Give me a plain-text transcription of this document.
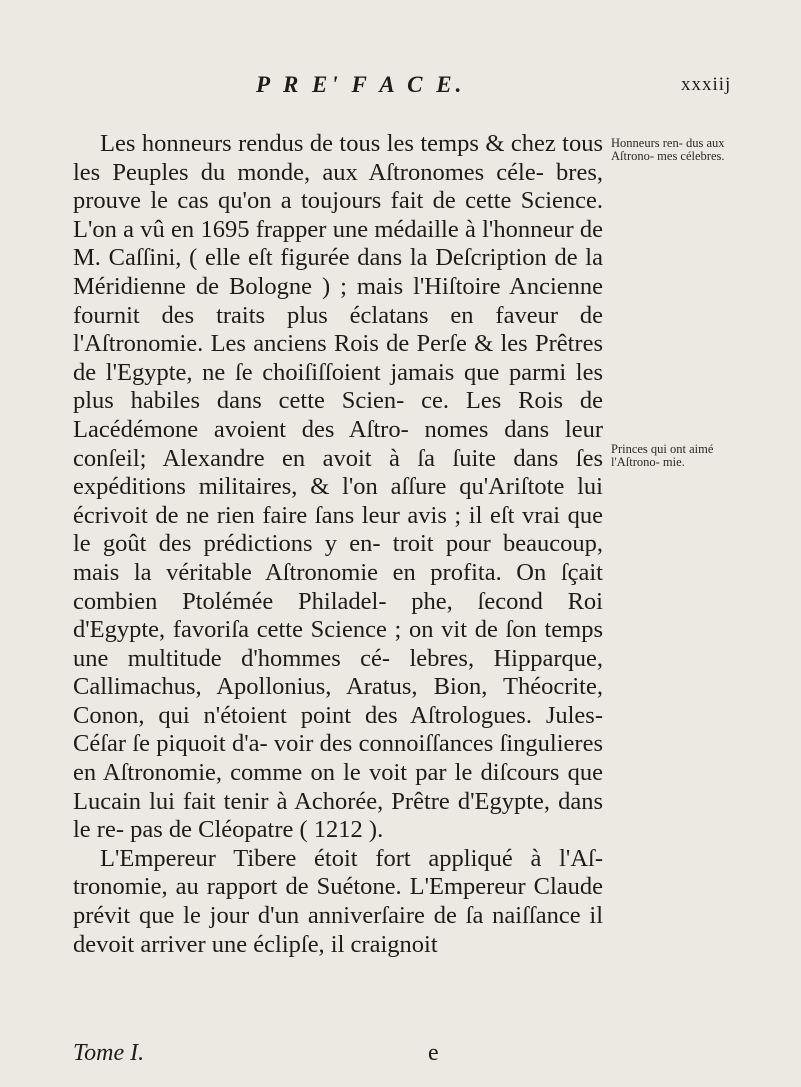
P R E' F A C E.	xxxiij

Les honneurs rendus de tous les temps & chez tous les Peuples du monde, aux Aſtronomes céle- bres, prouve le cas qu'on a toujours fait de cette Science. L'on a vû en 1695 frapper une médaille à l'honneur de M. Caſſini, ( elle eſt figurée dans la Deſcription de la Méridienne de Bologne ) ; mais l'Hiſtoire Ancienne fournit des traits plus éclatans en faveur de l'Aſtronomie. Les anciens Rois de Perſe & les Prêtres de l'Egypte, ne ſe choiſiſſoient jamais que parmi les plus habiles dans cette Scien- ce. Les Rois de Lacédémone avoient des Aſtro- nomes dans leur conſeil; Alexandre en avoit à ſa ſuite dans ſes expéditions militaires, & l'on aſſure qu'Ariſtote lui écrivoit de ne rien faire ſans leur avis ; il eſt vrai que le goût des prédictions y en- troit pour beaucoup, mais la véritable Aſtronomie en profita. On ſçait combien Ptolémée Philadel- phe, ſecond Roi d'Egypte, favoriſa cette Science ; on vit de ſon temps une multitude d'hommes cé- lebres, Hipparque, Callimachus, Apollonius, Aratus, Bion, Théocrite, Conon, qui n'étoient point des Aſtrologues. Jules-Céſar ſe piquoit d'a- voir des connoiſſances ſingulieres en Aſtronomie, comme on le voit par le diſcours que Lucain lui fait tenir à Achorée, Prêtre d'Egypte, dans le re- pas de Cléopatre ( 1212 ).

L'Empereur Tibere étoit fort appliqué à l'Aſ- tronomie, au rapport de Suétone. L'Empereur Claude prévit que le jour d'un anniverſaire de ſa naiſſance il devoit arriver une éclipſe, il craignoit

Honneurs ren- dus aux Aſtrono- mes célebres.
Princes qui ont aimé l'Aſtrono- mie.
Tome I.	e
